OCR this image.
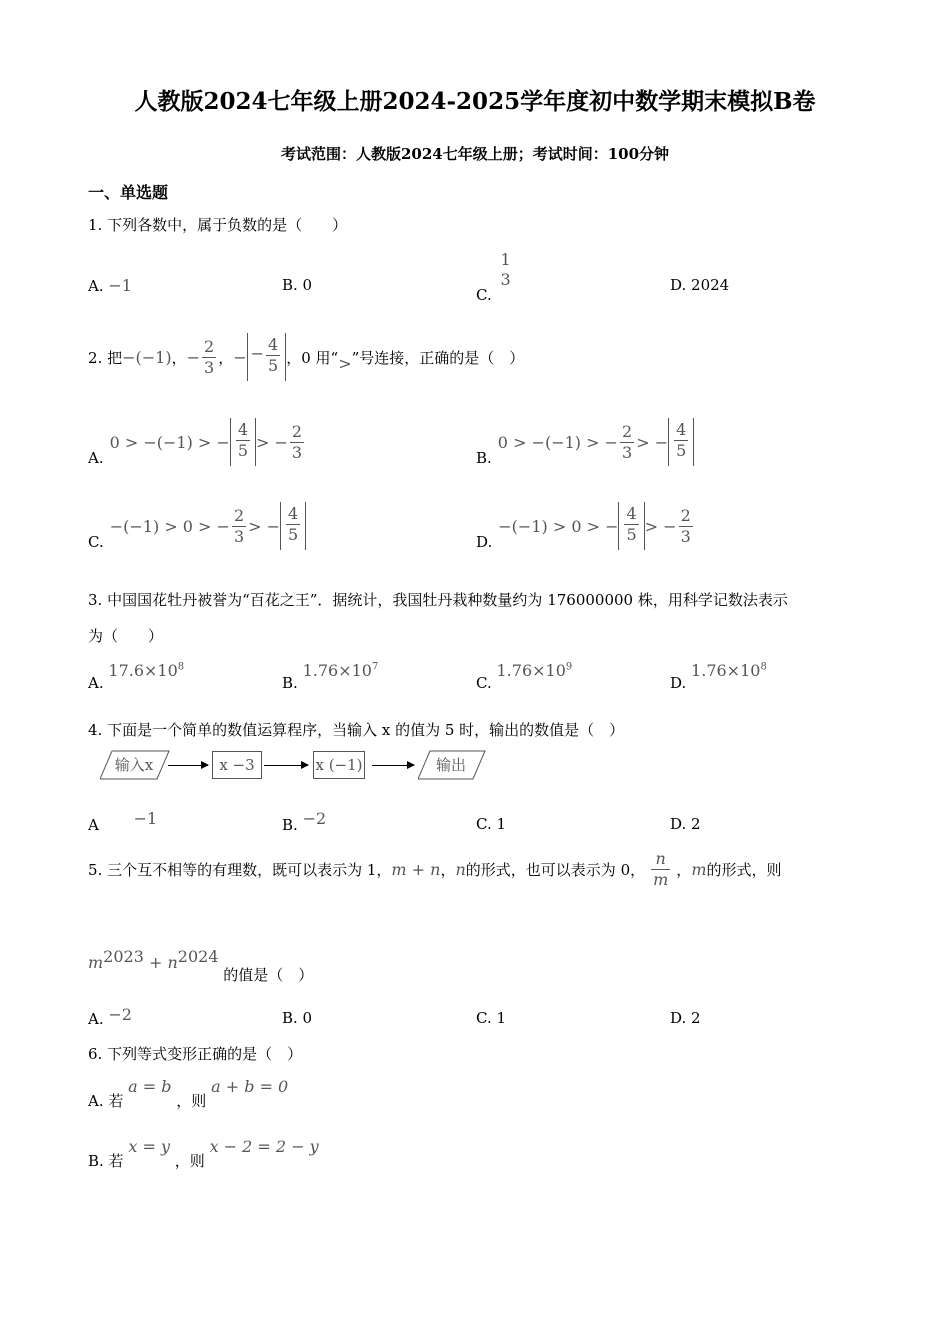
人教版2024七年级上册2024-2025学年度初中数学期末模拟B卷
考试范围：人教版2024七年级上册；考试时间：100分钟
一、单选题
1. 下列各数中，属于负数的是（　　）
A. −1	B. 0
C.
1
3	D. 2024
2. 把 −(−1) ， − $\frac{2}{3}$ ， − − $\frac{4}{5}$ ，0 用“ > ”号连接，正确的是（　）
A.
0 > −(−1) > − $\frac{4}{5}$ > − $\frac{2}{3}$	B.
0 > −(−1) > − $\frac{2}{3}$ > − $\frac{4}{5}$
C.
−(−1) > 0 > − $\frac{2}{3}$ > − $\frac{4}{5}$	D.
−(−1) > 0 > − $\frac{4}{5}$ > − $\frac{2}{3}$
3. 中国国花牡丹被誉为“百花之王”．据统计，我国牡丹栽种数量约为 176000000 株，用科学记数法表示
为（　　）
A. $17.6\times 10^8$
B. $1.76\times 10^7$
C. $1.76\times 10^9$
D. $1.76\times 10^8$
4. 下面是一个简单的数值运算程序，当输入 x 的值为 5 时，输出的数值是（　）
输入x	x −3	x (−1)	输出
A −1	B. −2	C. 1	D. 2
5. 三个互不相等的有理数，既可以表示为 1， m + n ， n 的形式，也可以表示为 0， $\frac{n}{m}$ ， m 的形式，则
$m^{2023} + n^{2024}$ 的值是（　）
A. −2	B. 0	C. 1	D. 2
6. 下列等式变形正确的是（　）
A. 若 a = b ，则 a + b = 0
B. 若 x = y ，则 x − 2 = 2 − y
